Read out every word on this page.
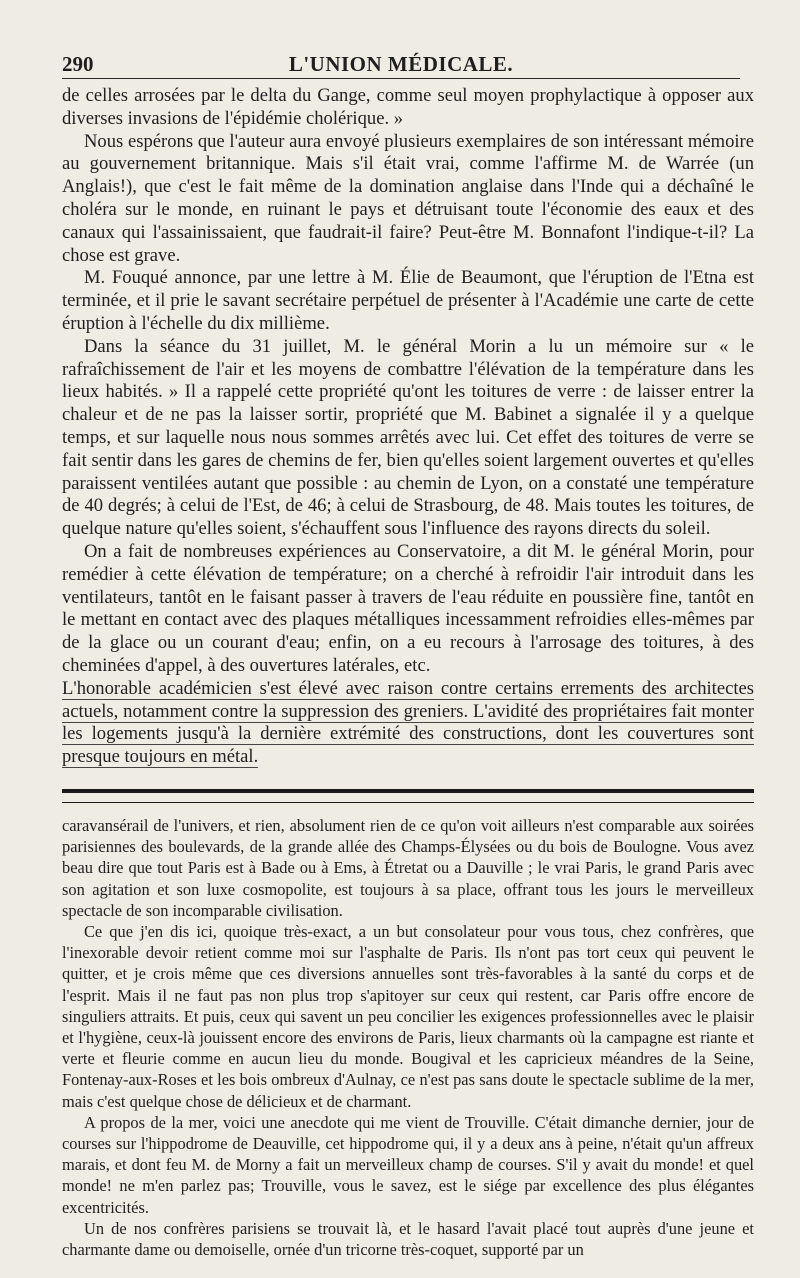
290	L'UNION MÉDICALE.

de celles arrosées par le delta du Gange, comme seul moyen prophylactique à opposer aux diverses invasions de l'épidémie cholérique. »

Nous espérons que l'auteur aura envoyé plusieurs exemplaires de son intéressant mémoire au gouvernement britannique. Mais s'il était vrai, comme l'affirme M. de Warrée (un Anglais!), que c'est le fait même de la domination anglaise dans l'Inde qui a déchaîné le choléra sur le monde, en ruinant le pays et détruisant toute l'économie des eaux et des canaux qui l'assainissaient, que faudrait-il faire? Peut-être M. Bonnafont l'indique-t-il? La chose est grave.

M. Fouqué annonce, par une lettre à M. Élie de Beaumont, que l'éruption de l'Etna est terminée, et il prie le savant secrétaire perpétuel de présenter à l'Académie une carte de cette éruption à l'échelle du dix millième.

Dans la séance du 31 juillet, M. le général Morin a lu un mémoire sur « le rafraîchissement de l'air et les moyens de combattre l'élévation de la température dans les lieux habités. » Il a rappelé cette propriété qu'ont les toitures de verre : de laisser entrer la chaleur et de ne pas la laisser sortir, propriété que M. Babinet a signalée il y a quelque temps, et sur laquelle nous nous sommes arrêtés avec lui. Cet effet des toitures de verre se fait sentir dans les gares de chemins de fer, bien qu'elles soient largement ouvertes et qu'elles paraissent ventilées autant que possible : au chemin de Lyon, on a constaté une température de 40 degrés; à celui de l'Est, de 46; à celui de Strasbourg, de 48. Mais toutes les toitures, de quelque nature qu'elles soient, s'échauffent sous l'influence des rayons directs du soleil.

On a fait de nombreuses expériences au Conservatoire, a dit M. le général Morin, pour remédier à cette élévation de température; on a cherché à refroidir l'air introduit dans les ventilateurs, tantôt en le faisant passer à travers de l'eau réduite en poussière fine, tantôt en le mettant en contact avec des plaques métalliques incessamment refroidies elles-mêmes par de la glace ou un courant d'eau; enfin, on a eu recours à l'arrosage des toitures, à des cheminées d'appel, à des ouvertures latérales, etc.

L'honorable académicien s'est élevé avec raison contre certains errements des architectes actuels, notamment contre la suppression des greniers. L'avidité des propriétaires fait monter les logements jusqu'à la dernière extrémité des constructions, dont les couvertures sont presque toujours en métal.

caravansérail de l'univers, et rien, absolument rien de ce qu'on voit ailleurs n'est comparable aux soirées parisiennes des boulevards, de la grande allée des Champs-Élysées ou du bois de Boulogne. Vous avez beau dire que tout Paris est à Bade ou à Ems, à Étretat ou a Dauville ; le vrai Paris, le grand Paris avec son agitation et son luxe cosmopolite, est toujours à sa place, offrant tous les jours le merveilleux spectacle de son incomparable civilisation.

Ce que j'en dis ici, quoique très-exact, a un but consolateur pour vous tous, chez confrères, que l'inexorable devoir retient comme moi sur l'asphalte de Paris. Ils n'ont pas tort ceux qui peuvent le quitter, et je crois même que ces diversions annuelles sont très-favorables à la santé du corps et de l'esprit. Mais il ne faut pas non plus trop s'apitoyer sur ceux qui restent, car Paris offre encore de singuliers attraits. Et puis, ceux qui savent un peu concilier les exigences professionnelles avec le plaisir et l'hygiène, ceux-là jouissent encore des environs de Paris, lieux charmants où la campagne est riante et verte et fleurie comme en aucun lieu du monde. Bougival et les capricieux méandres de la Seine, Fontenay-aux-Roses et les bois ombreux d'Aulnay, ce n'est pas sans doute le spectacle sublime de la mer, mais c'est quelque chose de délicieux et de charmant.

A propos de la mer, voici une anecdote qui me vient de Trouville. C'était dimanche dernier, jour de courses sur l'hippodrome de Deauville, cet hippodrome qui, il y a deux ans à peine, n'était qu'un affreux marais, et dont feu M. de Morny a fait un merveilleux champ de courses. S'il y avait du monde! et quel monde! ne m'en parlez pas; Trouville, vous le savez, est le siége par excellence des plus élégantes excentricités.

Un de nos confrères parisiens se trouvait là, et le hasard l'avait placé tout auprès d'une jeune et charmante dame ou demoiselle, ornée d'un tricorne très-coquet, supporté par un
